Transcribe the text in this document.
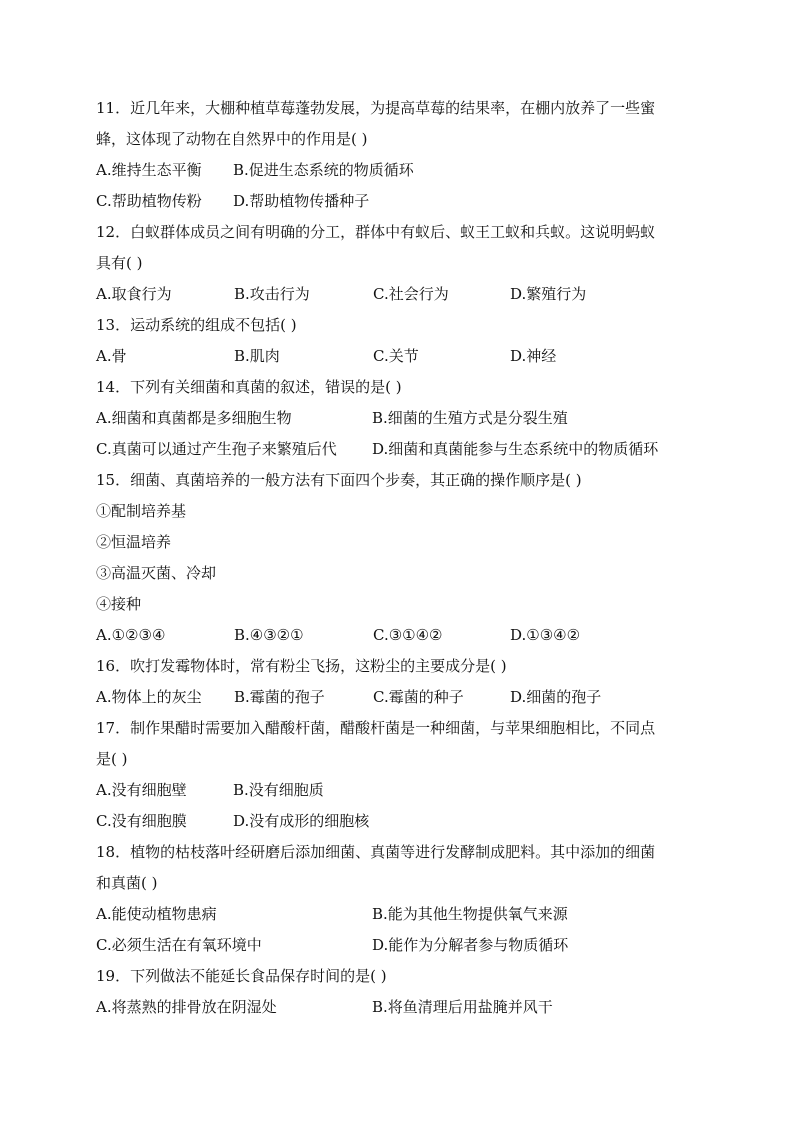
11．近几年来，大棚种植草莓蓬勃发展，为提高草莓的结果率，在棚内放养了一些蜜
蜂，这体现了动物在自然界中的作用是( )
A.维持生态平衡 B.促进生态系统的物质循环
C.帮助植物传粉 D.帮助植物传播种子
12．白蚁群体成员之间有明确的分工，群体中有蚁后、蚁王工蚁和兵蚁。这说明蚂蚁
具有( )
A.取食行为	B.攻击行为	C.社会行为	D.繁殖行为
13．运动系统的组成不包括( )
A.骨	B.肌肉	C.关节	D.神经
14．下列有关细菌和真菌的叙述，错误的是( )
A.细菌和真菌都是多细胞生物	B.细菌的生殖方式是分裂生殖
C.真菌可以通过产生孢子来繁殖后代 D.细菌和真菌能参与生态系统中的物质循环
15．细菌、真菌培养的一般方法有下面四个步奏，其正确的操作顺序是( )
①配制培养基
②恒温培养
③高温灭菌、冷却
④接种
A.①②③④	B.④③②①	C.③①④②	D.①③④②
16．吹打发霉物体时，常有粉尘飞扬，这粉尘的主要成分是( )
A.物体上的灰尘 B.霉菌的孢子	C.霉菌的种子	D.细菌的孢子
17．制作果醋时需要加入醋酸杆菌，醋酸杆菌是一种细菌，与苹果细胞相比，不同点
是( )
A.没有细胞壁	B.没有细胞质
C.没有细胞膜	D.没有成形的细胞核
18．植物的枯枝落叶经研磨后添加细菌、真菌等进行发酵制成肥料。其中添加的细菌
和真菌( )
A.能使动植物患病	B.能为其他生物提供氧气来源
C.必须生活在有氧环境中	D.能作为分解者参与物质循环
19．下列做法不能延长食品保存时间的是( )
A.将蒸熟的排骨放在阴湿处	B.将鱼清理后用盐腌并风干
